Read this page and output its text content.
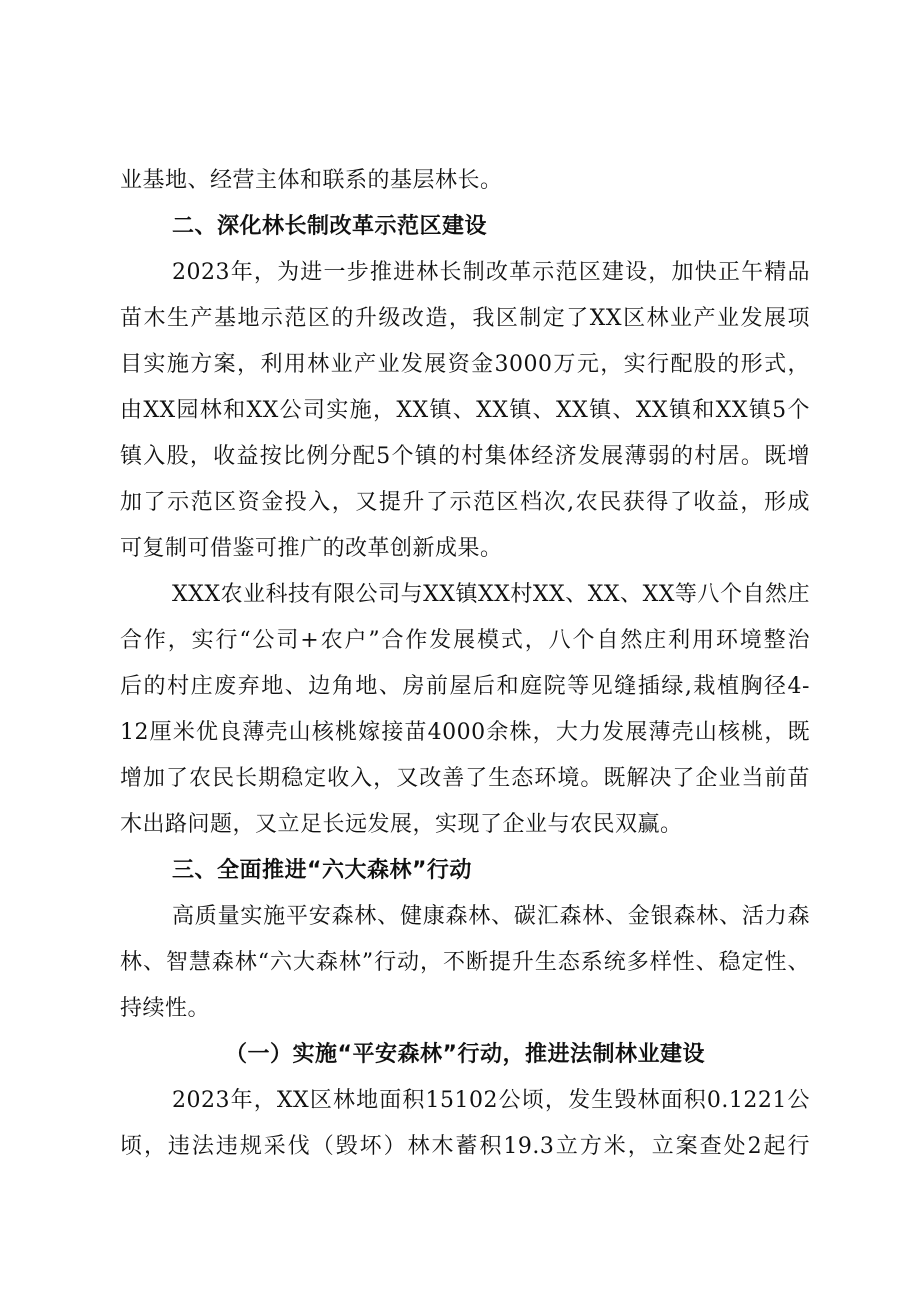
业基地、经营主体和联系的基层林长。
二、深化林长制改革示范区建设
2023年，为进一步推进林长制改革示范区建设，加快正午精品
苗木生产基地示范区的升级改造，我区制定了XX区林业产业发展项
目实施方案，利用林业产业发展资金3000万元，实行配股的形式，
由XX园林和XX公司实施，XX镇、XX镇、XX镇、XX镇和XX镇5个
镇入股，收益按比例分配5个镇的村集体经济发展薄弱的村居。既增
加了示范区资金投入，又提升了示范区档次,农民获得了收益，形成
可复制可借鉴可推广的改革创新成果。
XXX农业科技有限公司与XX镇XX村XX、XX、XX等八个自然庄
合作，实行“公司+农户”合作发展模式，八个自然庄利用环境整治
后的村庄废弃地、边角地、房前屋后和庭院等见缝插绿,栽植胸径4-
12厘米优良薄壳山核桃嫁接苗4000余株，大力发展薄壳山核桃，既
增加了农民长期稳定收入，又改善了生态环境。既解决了企业当前苗
木出路问题，又立足长远发展，实现了企业与农民双赢。
三、全面推进“六大森林”行动
高质量实施平安森林、健康森林、碳汇森林、金银森林、活力森
林、智慧森林“六大森林”行动，不断提升生态系统多样性、稳定性、
持续性。
（一）实施“平安森林”行动，推进法制林业建设
2023年，XX区林地面积15102公顷，发生毁林面积0.1221公
顷，违法违规采伐（毁坏）林木蓄积19.3立方米，立案查处2起行
